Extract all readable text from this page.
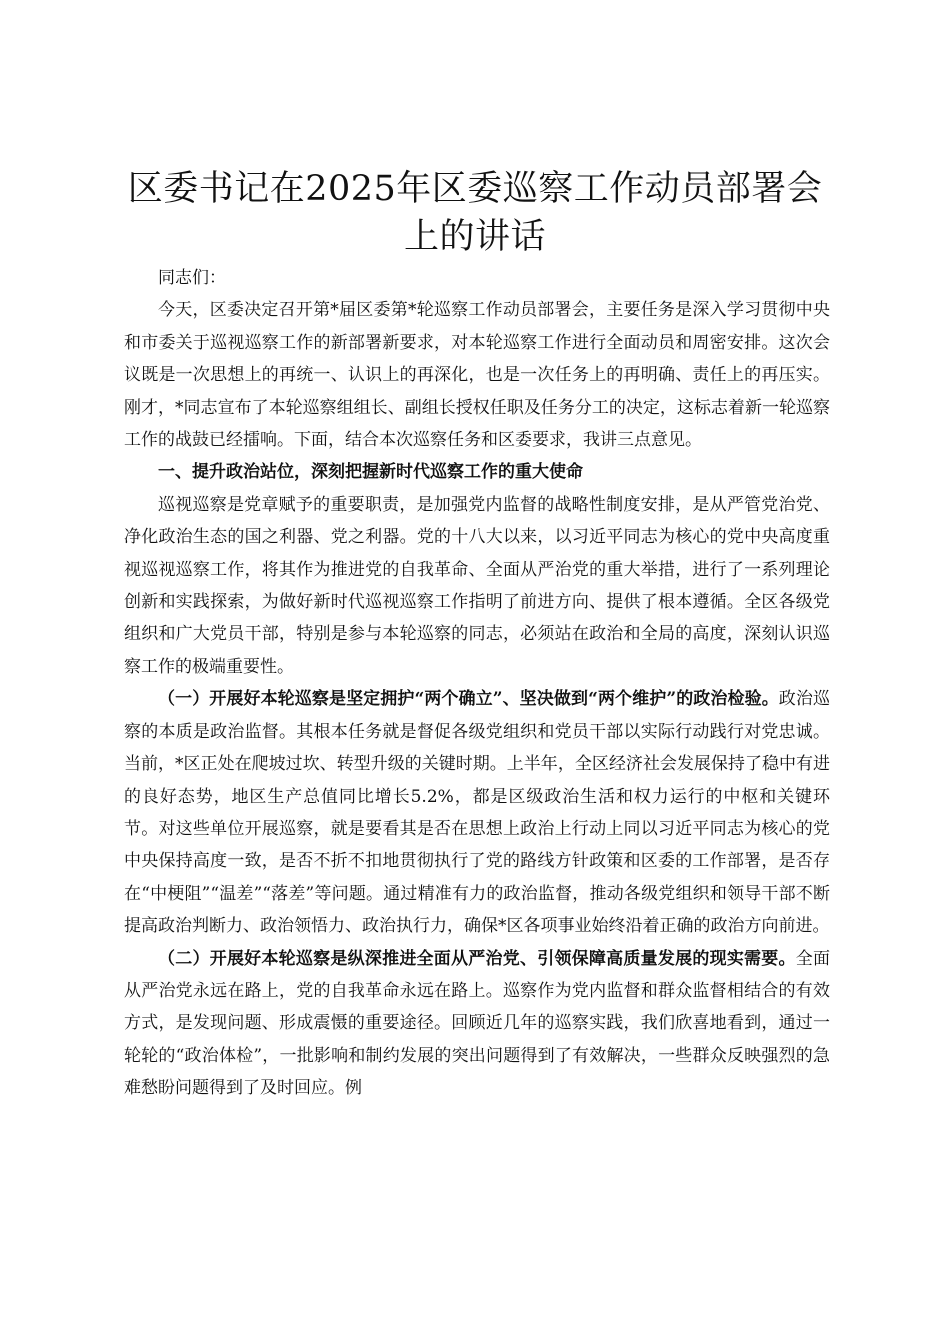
区委书记在2025年区委巡察工作动员部署会上的讲话

同志们：

今天，区委决定召开第*届区委第*轮巡察工作动员部署会，主要任务是深入学习贯彻中央和市委关于巡视巡察工作的新部署新要求，对本轮巡察工作进行全面动员和周密安排。这次会议既是一次思想上的再统一、认识上的再深化，也是一次任务上的再明确、责任上的再压实。刚才，*同志宣布了本轮巡察组组长、副组长授权任职及任务分工的决定，这标志着新一轮巡察工作的战鼓已经擂响。下面，结合本次巡察任务和区委要求，我讲三点意见。

一、提升政治站位，深刻把握新时代巡察工作的重大使命

巡视巡察是党章赋予的重要职责，是加强党内监督的战略性制度安排，是从严管党治党、净化政治生态的国之利器、党之利器。党的十八大以来，以习近平同志为核心的党中央高度重视巡视巡察工作，将其作为推进党的自我革命、全面从严治党的重大举措，进行了一系列理论创新和实践探索，为做好新时代巡视巡察工作指明了前进方向、提供了根本遵循。全区各级党组织和广大党员干部，特别是参与本轮巡察的同志，必须站在政治和全局的高度，深刻认识巡察工作的极端重要性。

（一）开展好本轮巡察是坚定拥护“两个确立”、坚决做到“两个维护”的政治检验。政治巡察的本质是政治监督。其根本任务就是督促各级党组织和党员干部以实际行动践行对党忠诚。当前，*区正处在爬坡过坎、转型升级的关键时期。上半年，全区经济社会发展保持了稳中有进的良好态势，地区生产总值同比增长5.2%，都是区级政治生活和权力运行的中枢和关键环节。对这些单位开展巡察，就是要看其是否在思想上政治上行动上同以习近平同志为核心的党中央保持高度一致，是否不折不扣地贯彻执行了党的路线方针政策和区委的工作部署，是否存在“中梗阻”“温差”“落差”等问题。通过精准有力的政治监督，推动各级党组织和领导干部不断提高政治判断力、政治领悟力、政治执行力，确保*区各项事业始终沿着正确的政治方向前进。

（二）开展好本轮巡察是纵深推进全面从严治党、引领保障高质量发展的现实需要。全面从严治党永远在路上，党的自我革命永远在路上。巡察作为党内监督和群众监督相结合的有效方式，是发现问题、形成震慑的重要途径。回顾近几年的巡察实践，我们欣喜地看到，通过一轮轮的“政治体检”，一批影响和制约发展的突出问题得到了有效解决，一些群众反映强烈的急难愁盼问题得到了及时回应。例
